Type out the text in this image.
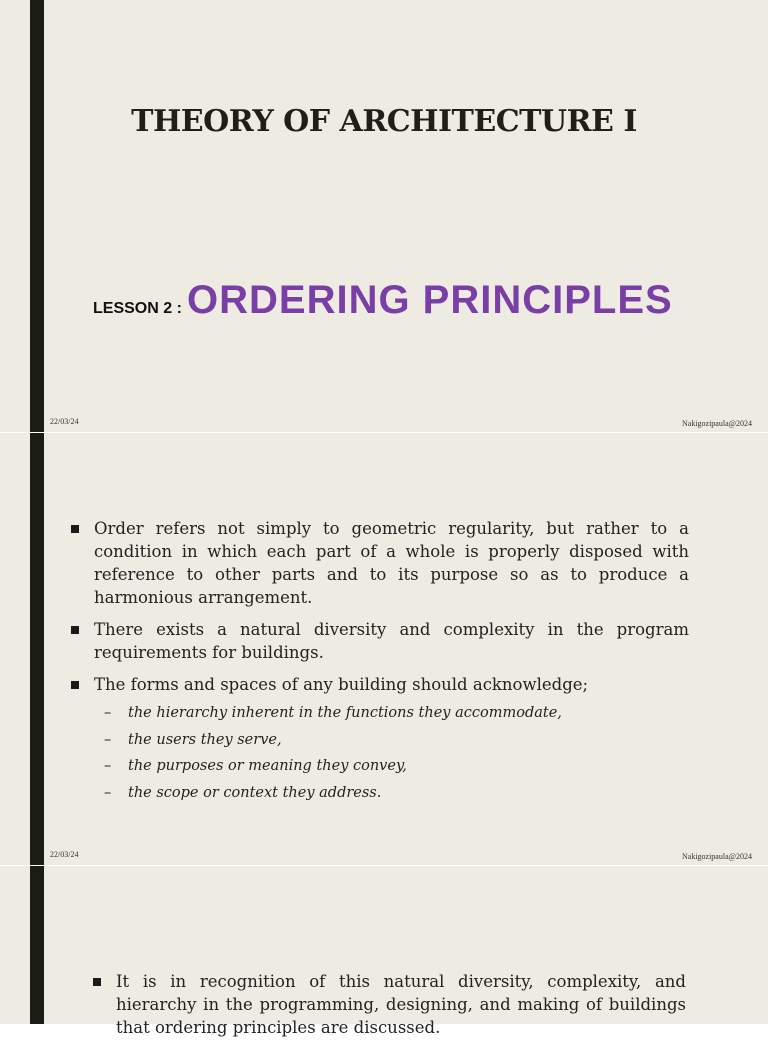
THEORY OF ARCHITECTURE I
LESSON 2 : ORDERING PRINCIPLES
22/03/24	Nakigozipaula@2024
Order refers not simply to geometric regularity, but rather to a condition in which each part of a whole is properly disposed with reference to other parts and to its purpose so as to produce a harmonious arrangement.
There exists a natural diversity and complexity in the program requirements for buildings.
The forms and spaces of any building should acknowledge;
– the hierarchy inherent in the functions they accommodate,
– the users they serve,
– the purposes or meaning they convey,
– the scope or context they address.
22/03/24	Nakigozipaula@2024
It is in recognition of this natural diversity, complexity, and hierarchy in the programming, designing, and making of buildings that ordering principles are discussed.
